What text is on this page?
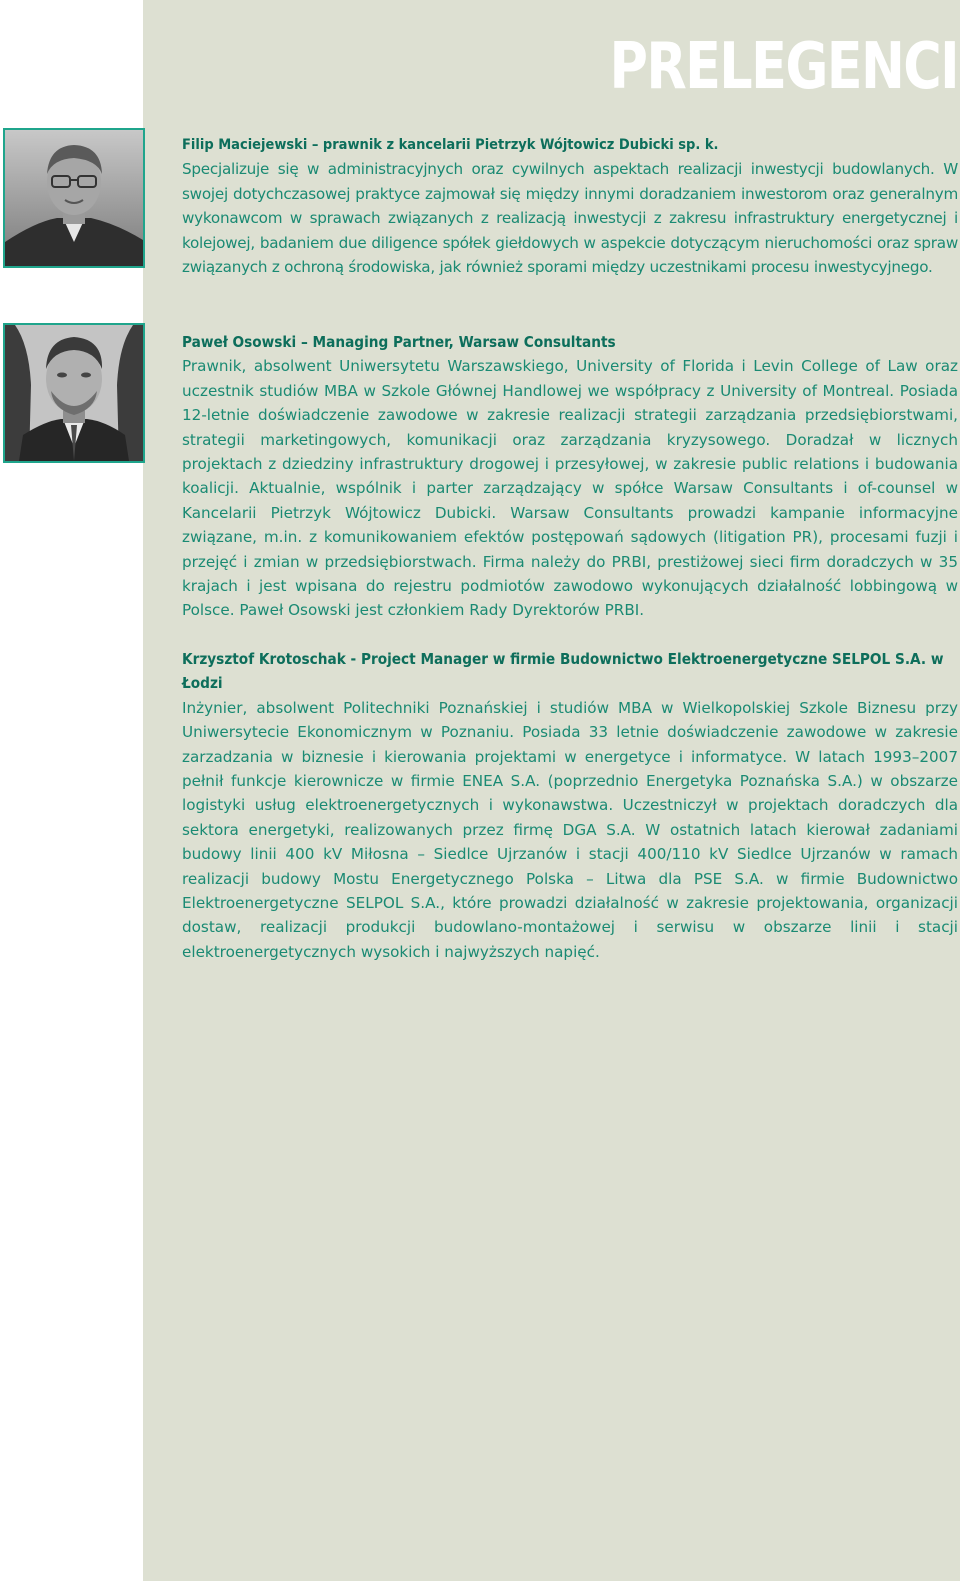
PRELEGENCI
Filip Maciejewski – prawnik z kancelarii Pietrzyk Wójtowicz Dubicki sp. k.

Specjalizuje się w administracyjnych oraz cywilnych aspektach realizacji inwestycji budowlanych. W swojej dotychczasowej praktyce zajmował się między innymi doradzaniem inwestorom oraz generalnym wykonawcom w sprawach związanych z realizacją inwestycji z zakresu infrastruktury energetycznej i kolejowej, badaniem due diligence spółek giełdowych w aspekcie dotyczącym nieruchomości oraz spraw związanych z ochroną środowiska, jak również sporami między uczestnikami procesu inwestycyjnego.

Paweł Osowski – Managing Partner, Warsaw Consultants

Prawnik, absolwent Uniwersytetu Warszawskiego, University of Florida i Levin College of Law oraz uczestnik studiów MBA w Szkole Głównej Handlowej we współpracy z University of Montreal. Posiada 12-letnie doświadczenie zawodowe w zakresie realizacji strategii zarządzania przedsiębiorstwami, strategii marketingowych, komunikacji oraz zarządzania kryzysowego. Doradzał w licznych projektach z dziedziny infrastruktury drogowej i przesyłowej, w zakresie public relations i budowania koalicji. Aktualnie, wspólnik i parter zarządzający w spółce Warsaw Consultants i of-counsel w Kancelarii Pietrzyk Wójtowicz Dubicki. Warsaw Consultants prowadzi kampanie informacyjne związane, m.in. z komunikowaniem efektów postępowań sądowych (litigation PR), procesami fuzji i przejęć i zmian w przedsiębiorstwach. Firma należy do PRBI, prestiżowej sieci firm doradczych w 35 krajach i jest wpisana do rejestru podmiotów zawodowo wykonujących działalność lobbingową w Polsce. Paweł Osowski jest członkiem Rady Dyrektorów PRBI.

Krzysztof Krotoschak - Project Manager w firmie Budownictwo Elektroenergetyczne SELPOL S.A. w Łodzi

Inżynier, absolwent Politechniki Poznańskiej i studiów MBA w Wielkopolskiej Szkole Biznesu przy Uniwersytecie Ekonomicznym w Poznaniu. Posiada 33 letnie doświadczenie zawodowe w zakresie zarzadzania w biznesie i kierowania projektami w energetyce i informatyce. W latach 1993–2007 pełnił funkcje kierownicze w firmie ENEA S.A. (poprzednio Energetyka Poznańska S.A.) w obszarze logistyki usług elektroenergetycznych i wykonawstwa. Uczestniczył w projektach doradczych dla sektora energetyki, realizowanych przez firmę DGA S.A. W ostatnich latach kierował zadaniami budowy linii 400 kV Miłosna – Siedlce Ujrzanów i stacji 400/110 kV Siedlce Ujrzanów w ramach realizacji budowy Mostu Energetycznego Polska – Litwa dla PSE S.A. w firmie Budownictwo Elektroenergetyczne SELPOL S.A., które prowadzi działalność w zakresie projektowania, organizacji dostaw, realizacji produkcji budowlano-montażowej i serwisu w obszarze linii i stacji elektroenergetycznych wysokich i najwyższych napięć.
